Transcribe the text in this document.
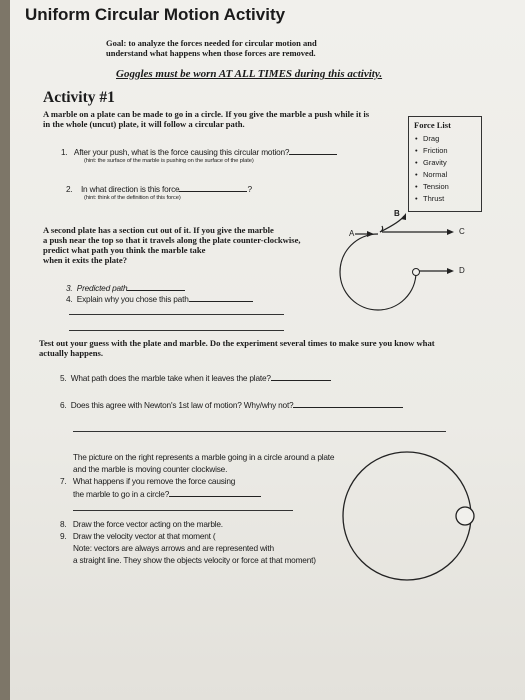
Uniform Circular Motion Activity
Goal: to analyze the forces needed for circular motion and
understand what happens when those forces are removed.
Goggles must be worn AT ALL TIMES during this activity.
Activity #1
A marble on a plate can be made to go in a circle. If you give the marble a push while it is
in the whole (uncut) plate, it will follow a circular path.	Force List
• Drag
• Friction
• Gravity
• Normal
• Tension
• Thrust
1. After your push, what is the force causing this circular motion?
(hint: the surface of the marble is pushing on the surface of the plate)
2. In what direction is this force	?
(hint: think of the definition of this force)
A second plate has a section cut out of it. If you give the marble
a push near the top so that it travels along the plate counter-clockwise,
predict what path you think the marble take
when it exits the plate?
A
B
C
D
3. Predicted path
4. Explain why you chose this path
Test out your guess with the plate and marble. Do the experiment several times to make sure you know what
actually happens.
5. What path does the marble take when it leaves the plate?
6. Does this agree with Newton's 1st law of motion? Why/why not?
The picture on the right represents a marble going in a circle around a plate
and the marble is moving counter clockwise.
7. What happens if you remove the force causing
the marble to go in a circle?
8. Draw the force vector acting on the marble.
9. Draw the velocity vector at that moment (
Note: vectors are always arrows and are represented with
a straight line. They show the objects velocity or force at that moment)
